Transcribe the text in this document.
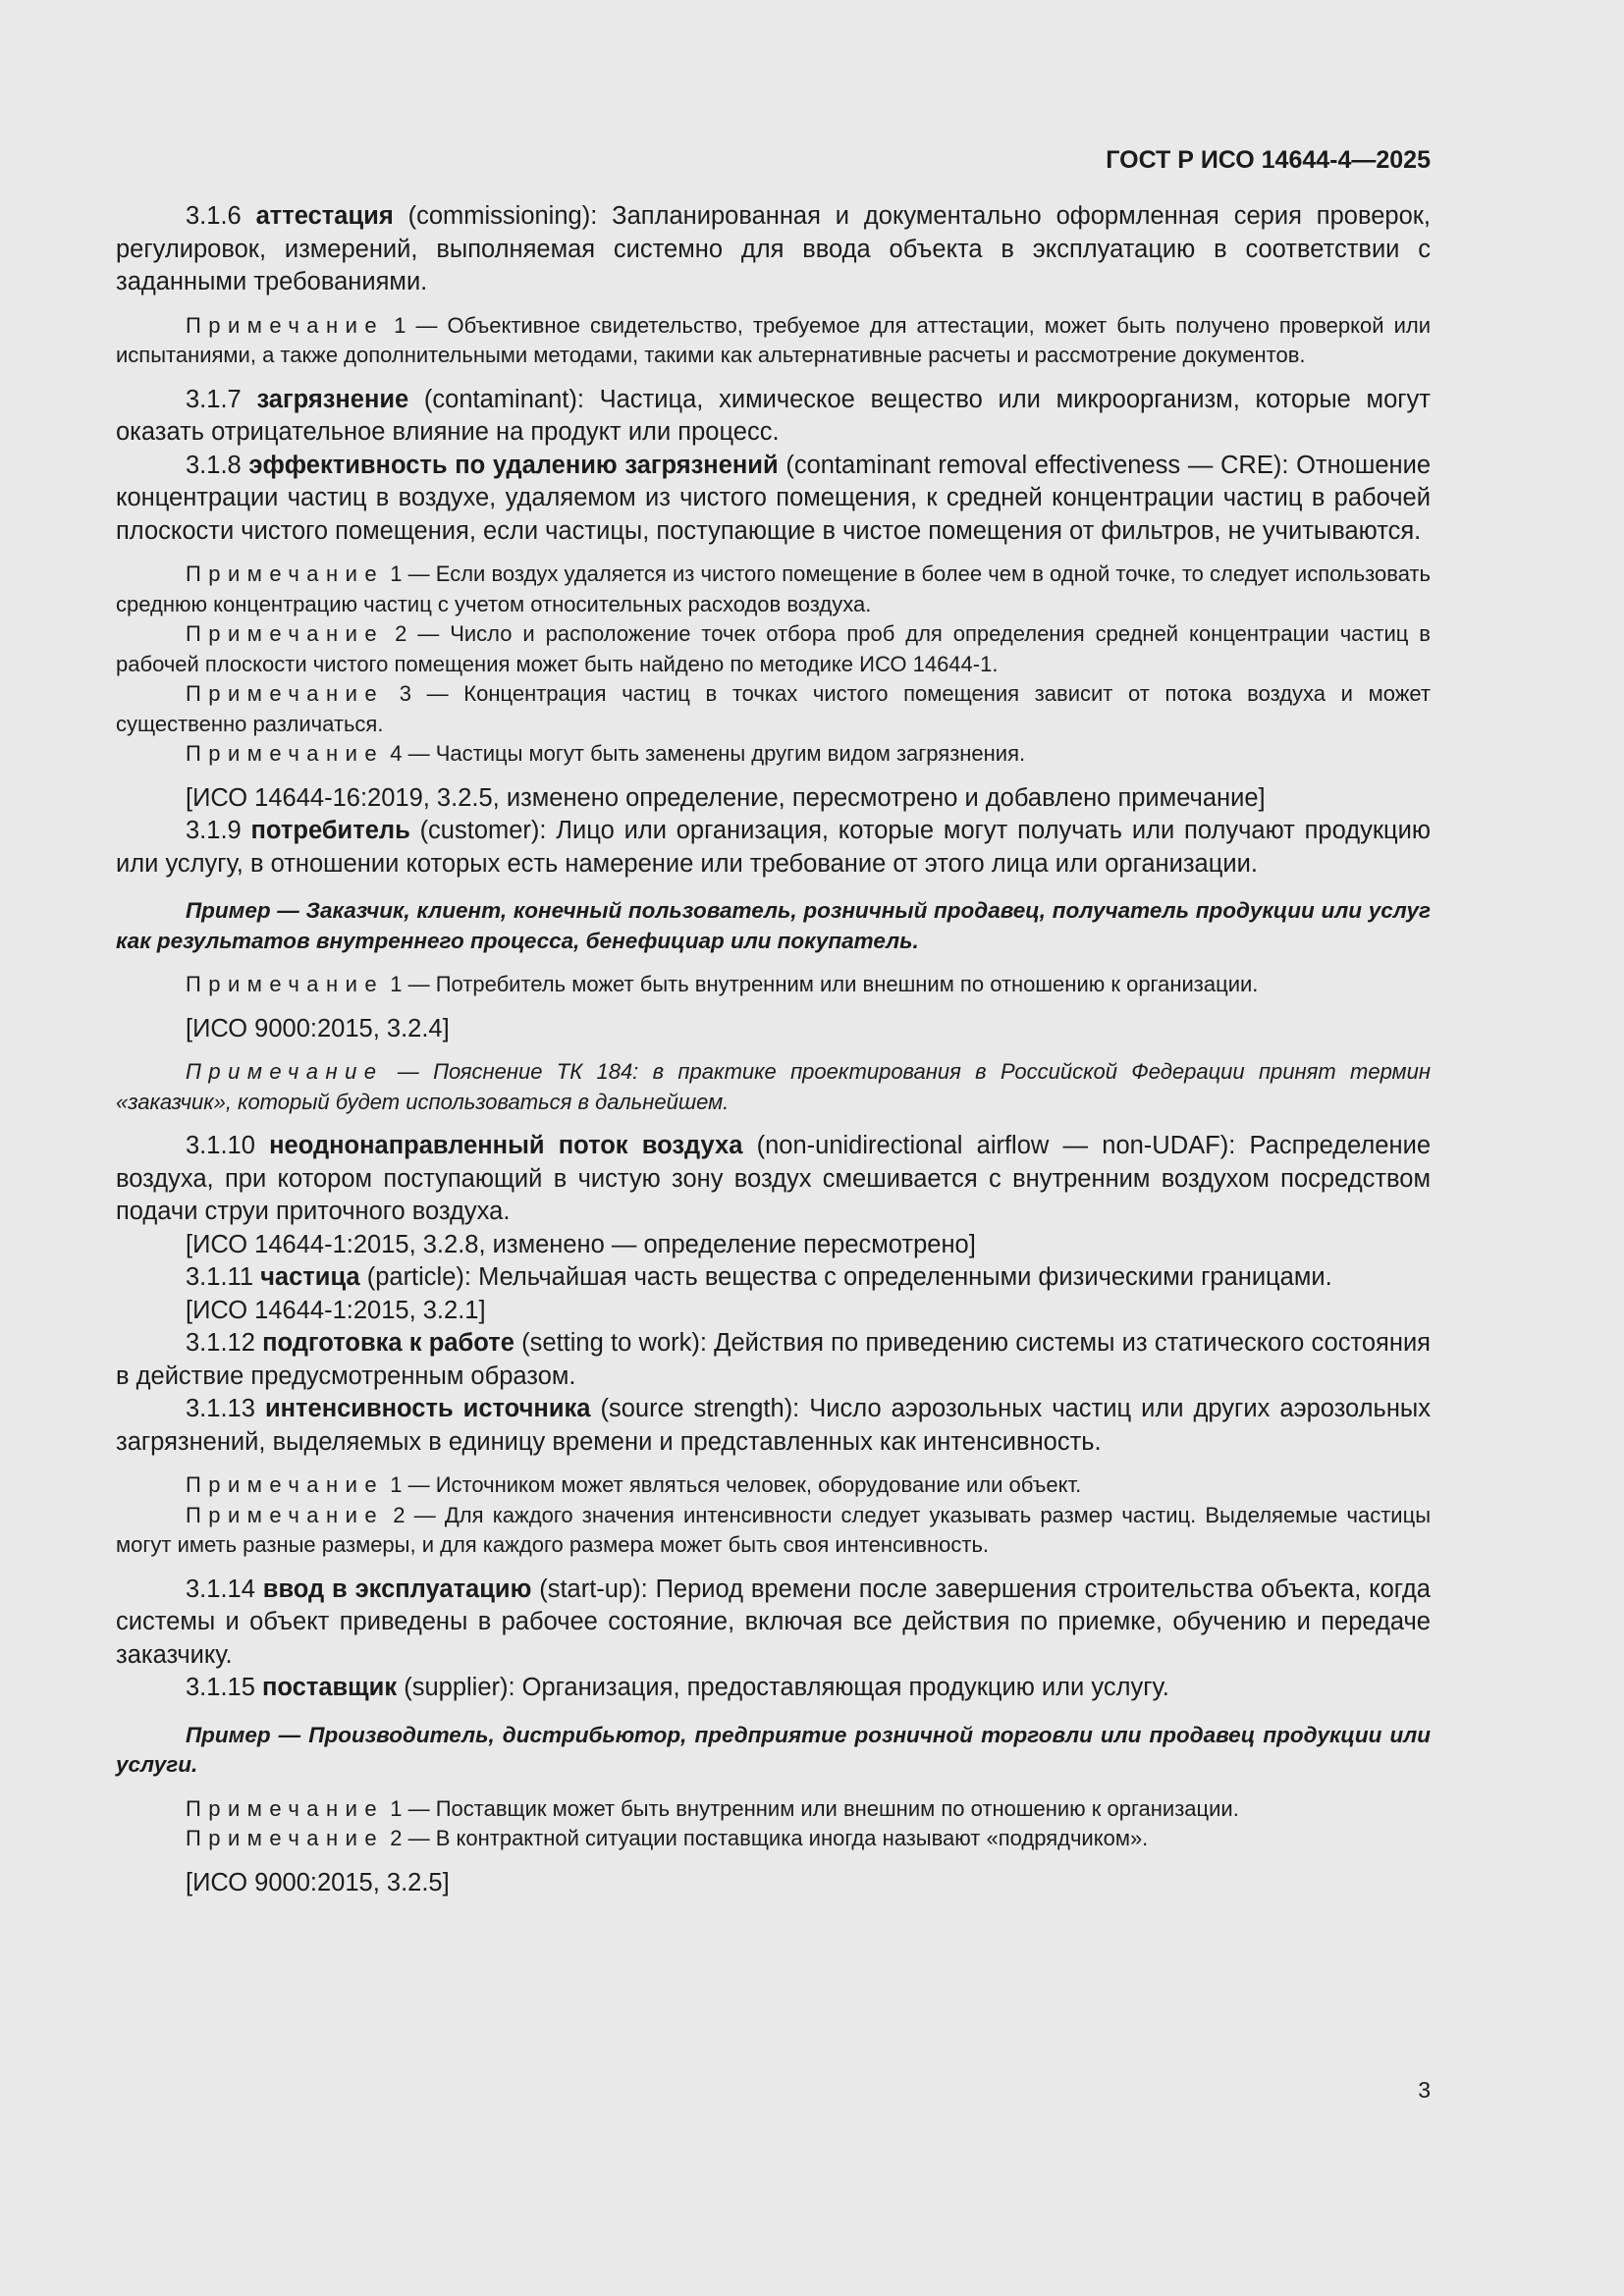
ГОСТ Р ИСО 14644-4—2025

3.1.6 аттестация (commissioning): Запланированная и документально оформленная серия проверок, регулировок, измерений, выполняемая системно для ввода объекта в эксплуатацию в соответствии с заданными требованиями.

Примечание 1 — Объективное свидетельство, требуемое для аттестации, может быть получено проверкой или испытаниями, а также дополнительными методами, такими как альтернативные расчеты и рассмотрение документов.

3.1.7 загрязнение (contaminant): Частица, химическое вещество или микроорганизм, которые могут оказать отрицательное влияние на продукт или процесс.

3.1.8 эффективность по удалению загрязнений (contaminant removal effectiveness — CRE): Отношение концентрации частиц в воздухе, удаляемом из чистого помещения, к средней концентрации частиц в рабочей плоскости чистого помещения, если частицы, поступающие в чистое помещения от фильтров, не учитываются.

Примечание 1 — Если воздух удаляется из чистого помещение в более чем в одной точке, то следует использовать среднюю концентрацию частиц с учетом относительных расходов воздуха.

Примечание 2 — Число и расположение точек отбора проб для определения средней концентрации частиц в рабочей плоскости чистого помещения может быть найдено по методике ИСО 14644-1.

Примечание 3 — Концентрация частиц в точках чистого помещения зависит от потока воздуха и может существенно различаться.

Примечание 4 — Частицы могут быть заменены другим видом загрязнения.

[ИСО 14644-16:2019, 3.2.5, изменено определение, пересмотрено и добавлено примечание]

3.1.9 потребитель (customer): Лицо или организация, которые могут получать или получают продукцию или услугу, в отношении которых есть намерение или требование от этого лица или организации.

Пример — Заказчик, клиент, конечный пользователь, розничный продавец, получатель продукции или услуг как результатов внутреннего процесса, бенефициар или покупатель.

Примечание 1 — Потребитель может быть внутренним или внешним по отношению к организации.

[ИСО 9000:2015, 3.2.4]

Примечание — Пояснение ТК 184: в практике проектирования в Российской Федерации принят термин «заказчик», который будет использоваться в дальнейшем.

3.1.10 неоднонаправленный поток воздуха (non-unidirectional airflow — non-UDAF): Распределение воздуха, при котором поступающий в чистую зону воздух смешивается с внутренним воздухом посредством подачи струи приточного воздуха.

[ИСО 14644-1:2015, 3.2.8, изменено — определение пересмотрено]

3.1.11 частица (particle): Мельчайшая часть вещества с определенными физическими границами.

[ИСО 14644-1:2015, 3.2.1]

3.1.12 подготовка к работе (setting to work): Действия по приведению системы из статического состояния в действие предусмотренным образом.

3.1.13 интенсивность источника (source strength): Число аэрозольных частиц или других аэрозольных загрязнений, выделяемых в единицу времени и представленных как интенсивность.

Примечание 1 — Источником может являться человек, оборудование или объект.

Примечание 2 — Для каждого значения интенсивности следует указывать размер частиц. Выделяемые частицы могут иметь разные размеры, и для каждого размера может быть своя интенсивность.

3.1.14 ввод в эксплуатацию (start-up): Период времени после завершения строительства объекта, когда системы и объект приведены в рабочее состояние, включая все действия по приемке, обучению и передаче заказчику.

3.1.15 поставщик (supplier): Организация, предоставляющая продукцию или услугу.

Пример — Производитель, дистрибьютор, предприятие розничной торговли или продавец продукции или услуги.

Примечание 1 — Поставщик может быть внутренним или внешним по отношению к организации.

Примечание 2 — В контрактной ситуации поставщика иногда называют «подрядчиком».

[ИСО 9000:2015, 3.2.5]

3
